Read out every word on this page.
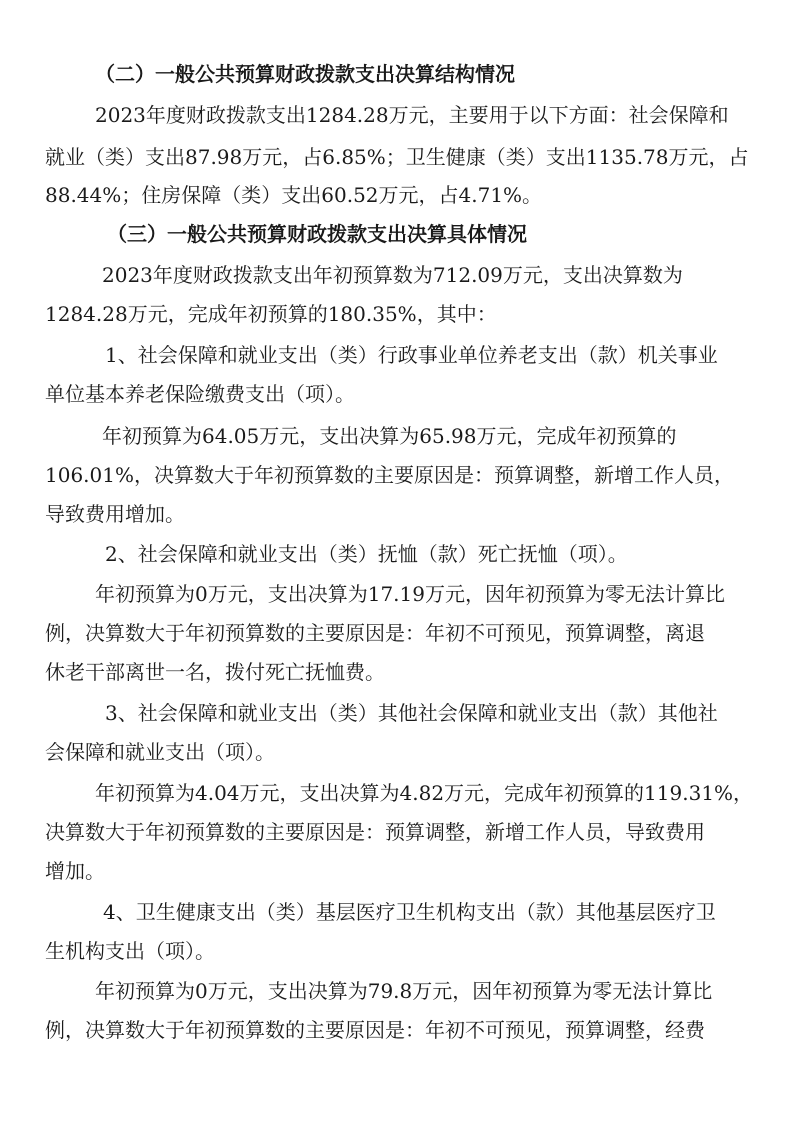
（二）一般公共预算财政拨款支出决算结构情况
2023年度财政拨款支出1284.28万元，主要用于以下方面：社会保障和
就业（类）支出87.98万元，占6.85%；卫生健康（类）支出1135.78万元，占
88.44%；住房保障（类）支出60.52万元，占4.71%。
（三）一般公共预算财政拨款支出决算具体情况
2023年度财政拨款支出年初预算数为712.09万元，支出决算数为
1284.28万元，完成年初预算的180.35%，其中：
1、社会保障和就业支出（类）行政事业单位养老支出（款）机关事业
单位基本养老保险缴费支出（项）。
年初预算为64.05万元，支出决算为65.98万元，完成年初预算的
106.01%，决算数大于年初预算数的主要原因是：预算调整，新增工作人员，
导致费用增加。
2、社会保障和就业支出（类）抚恤（款）死亡抚恤（项）。
年初预算为0万元，支出决算为17.19万元，因年初预算为零无法计算比
例，决算数大于年初预算数的主要原因是：年初不可预见，预算调整，离退
休老干部离世一名，拨付死亡抚恤费。
3、社会保障和就业支出（类）其他社会保障和就业支出（款）其他社
会保障和就业支出（项）。
年初预算为4.04万元，支出决算为4.82万元，完成年初预算的119.31%，
决算数大于年初预算数的主要原因是：预算调整，新增工作人员，导致费用
增加。
4、卫生健康支出（类）基层医疗卫生机构支出（款）其他基层医疗卫
生机构支出（项）。
年初预算为0万元，支出决算为79.8万元，因年初预算为零无法计算比
例，决算数大于年初预算数的主要原因是：年初不可预见，预算调整，经费
